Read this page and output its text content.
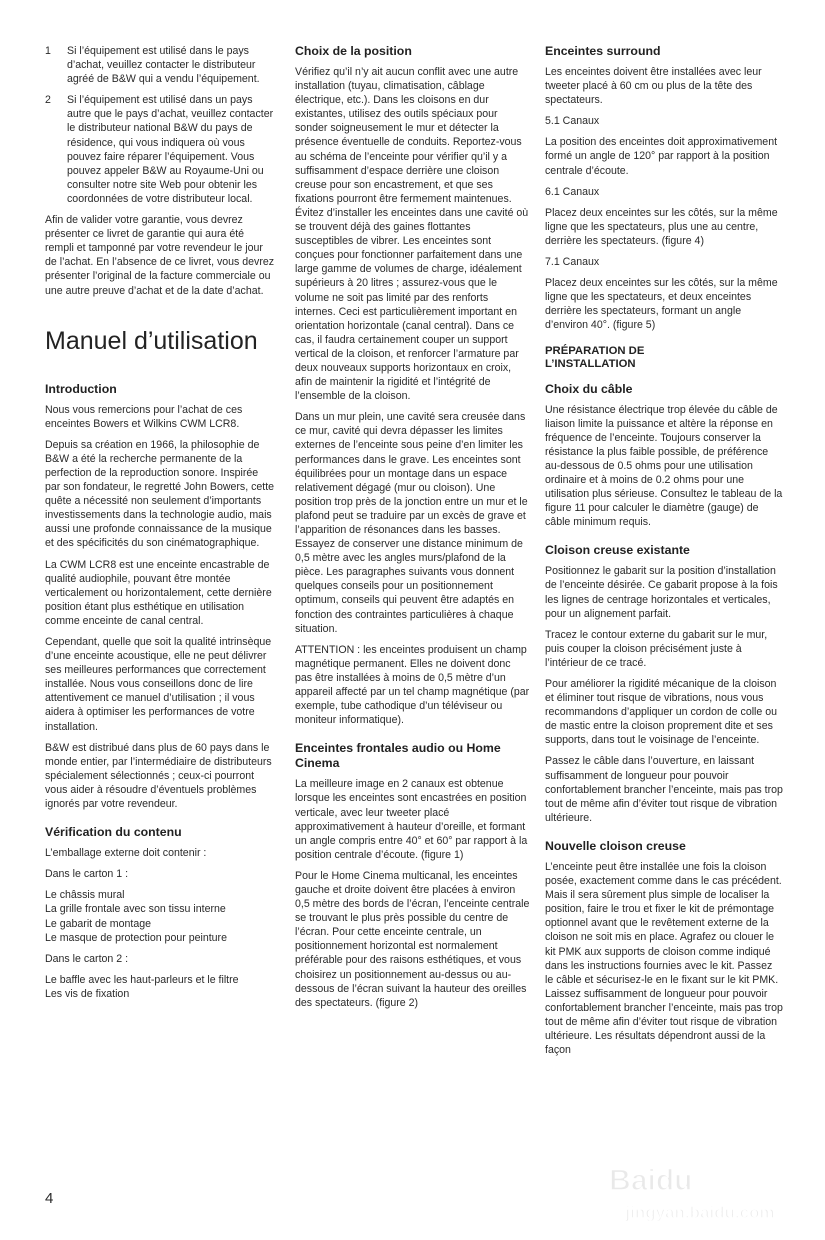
1	Si l’équipement est utilisé dans le pays d’achat, veuillez contacter le distributeur agréé de B&W qui a vendu l’équipement.
2	Si l’équipement est utilisé dans un pays autre que le pays d’achat, veuillez contacter le distributeur national B&W du pays de résidence, qui vous indiquera où vous pouvez faire réparer l’équipement. Vous pouvez appeler B&W au Royaume-Uni ou consulter notre site Web pour obtenir les coordonnées de votre distributeur local.

Afin de valider votre garantie, vous devrez présenter ce livret de garantie qui aura été rempli et tamponné par votre revendeur le jour de l’achat. En l’absence de ce livret, vous devrez présenter l’original de la facture commerciale ou une autre preuve d’achat et de la date d’achat.

Manuel d’utilisation
Introduction

Nous vous remercions pour l’achat de ces enceintes Bowers et Wilkins CWM LCR8.

Depuis sa création en 1966, la philosophie de B&W a été la recherche permanente de la perfection de la reproduction sonore. Inspirée par son fondateur, le regretté John Bowers, cette quête a nécessité non seulement d’importants investissements dans la technologie audio, mais aussi une profonde connaissance de la musique et des spécificités du son cinématographique.

La CWM LCR8 est une enceinte encastrable de qualité audiophile, pouvant être montée verticalement ou horizontalement, cette dernière position étant plus esthétique en utilisation comme enceinte de canal central.

Cependant, quelle que soit la qualité intrinsèque d’une enceinte acoustique, elle ne peut délivrer ses meilleures performances que correctement installée. Nous vous conseillons donc de lire attentivement ce manuel d’utilisation ; il vous aidera à optimiser les performances de votre installation.

B&W est distribué dans plus de 60 pays dans le monde entier, par l’intermédiaire de distributeurs spécialement sélectionnés ; ceux-ci pourront vous aider à résoudre d’éventuels problèmes ignorés par votre revendeur.

Vérification du contenu

L’emballage externe doit contenir :

Dans le carton 1 :

Le châssis mural
La grille frontale avec son tissu interne
Le gabarit de montage
Le masque de protection pour peinture

Dans le carton 2 :

Le baffle avec les haut-parleurs et le filtre
Les vis de fixation

Choix de la position

Vérifiez qu’il n’y ait aucun conflit avec une autre installation (tuyau, climatisation, câblage électrique, etc.). Dans les cloisons en dur existantes, utilisez des outils spéciaux pour sonder soigneusement le mur et détecter la présence éventuelle de conduits. Reportez-vous au schéma de l’enceinte pour vérifier qu’il y a suffisamment d’espace derrière une cloison creuse pour son encastrement, et que ses fixations pourront être fermement maintenues. Évitez d’installer les enceintes dans une cavité où se trouvent déjà des gaines flottantes susceptibles de vibrer. Les enceintes sont conçues pour fonctionner parfaitement dans une large gamme de volumes de charge, idéalement supérieurs à 20 litres ; assurez-vous que le volume ne soit pas limité par des renforts internes. Ceci est particulièrement important en orientation horizontale (canal central). Dans ce cas, il faudra certainement couper un support vertical de la cloison, et renforcer l’armature par deux nouveaux supports horizontaux en croix, afin de maintenir la rigidité et l’intégrité de l’ensemble de la cloison.

Dans un mur plein, une cavité sera creusée dans ce mur, cavité qui devra dépasser les limites externes de l’enceinte sous peine d’en limiter les performances dans le grave. Les enceintes sont équilibrées pour un montage dans un espace relativement dégagé (mur ou cloison). Une position trop près de la jonction entre un mur et le plafond peut se traduire par un excès de grave et l’apparition de résonances dans les basses. Essayez de conserver une distance minimum de 0,5 mètre avec les angles murs/plafond de la pièce. Les paragraphes suivants vous donnent quelques conseils pour un positionnement optimum, conseils qui peuvent être adaptés en fonction des contraintes particulières à chaque situation.

ATTENTION : les enceintes produisent un champ magnétique permanent. Elles ne doivent donc pas être installées à moins de 0,5 mètre d’un appareil affecté par un tel champ magnétique (par exemple, tube cathodique d’un téléviseur ou moniteur informatique).

Enceintes frontales audio ou Home Cinema

La meilleure image en 2 canaux est obtenue lorsque les enceintes sont encastrées en position verticale, avec leur tweeter placé approximativement à hauteur d’oreille, et formant un angle compris entre 40° et 60° par rapport à la position centrale d’écoute. (figure 1)

Pour le Home Cinema multicanal, les enceintes gauche et droite doivent être placées à environ 0,5 mètre des bords de l’écran, l’enceinte centrale se trouvant le plus près possible du centre de l’écran. Pour cette enceinte centrale, un positionnement horizontal est normalement préférable pour des raisons esthétiques, et vous choisirez un positionnement au-dessus ou au-dessous de l’écran suivant la hauteur des oreilles des spectateurs. (figure 2)

Enceintes surround

Les enceintes doivent être installées avec leur tweeter placé à 60 cm ou plus de la tête des spectateurs.

5.1 Canaux

La position des enceintes doit approximativement formé un angle de 120° par rapport à la position centrale d’écoute.

6.1 Canaux

Placez deux enceintes sur les côtés, sur la même ligne que les spectateurs, plus une au centre, derrière les spectateurs. (figure 4)

7.1 Canaux

Placez deux enceintes sur les côtés, sur la même ligne que les spectateurs, et deux enceintes derrière les spectateurs, formant un angle d’environ 40°. (figure 5)

PRÉPARATION DE
L’INSTALLATION
Choix du câble

Une résistance électrique trop élevée du câble de liaison limite la puissance et altère la réponse en fréquence de l’enceinte. Toujours conserver la résistance la plus faible possible, de préférence au-dessous de 0.5 ohms pour une utilisation ordinaire et à moins de 0.2 ohms pour une utilisation plus sérieuse. Consultez le tableau de la figure 11 pour calculer le diamètre (gauge) de câble minimum requis.

Cloison creuse existante

Positionnez le gabarit sur la position d’installation de l’enceinte désirée. Ce gabarit propose à la fois les lignes de centrage horizontales et verticales, pour un alignement parfait.

Tracez le contour externe du gabarit sur le mur, puis couper la cloison précisément juste à l’intérieur de ce tracé.

Pour améliorer la rigidité mécanique de la cloison et éliminer tout risque de vibrations, nous vous recommandons d’appliquer un cordon de colle ou de mastic entre la cloison proprement dite et ses supports, dans tout le voisinage de l’enceinte.

Passez le câble dans l’ouverture, en laissant suffisamment de longueur pour pouvoir confortablement brancher l’enceinte, mais pas trop tout de même afin d’éviter tout risque de vibration ultérieure.

Nouvelle cloison creuse

L’enceinte peut être installée une fois la cloison posée, exactement comme dans le cas précédent. Mais il sera sûrement plus simple de localiser la position, faire le trou et fixer le kit de prémontage optionnel avant que le revêtement externe de la cloison ne soit mis en place. Agrafez ou clouer le kit PMK aux supports de cloison comme indiqué dans les instructions fournies avec le kit. Passez le câble et sécurisez-le en le fixant sur le kit PMK. Laissez suffisamment de longueur pour pouvoir confortablement brancher l’enceinte, mais pas trop tout de même afin d’éviter tout risque de vibration ultérieure. Les résultats dépendront aussi de la façon

4
Baidu 经验
jingyan.baidu.com
